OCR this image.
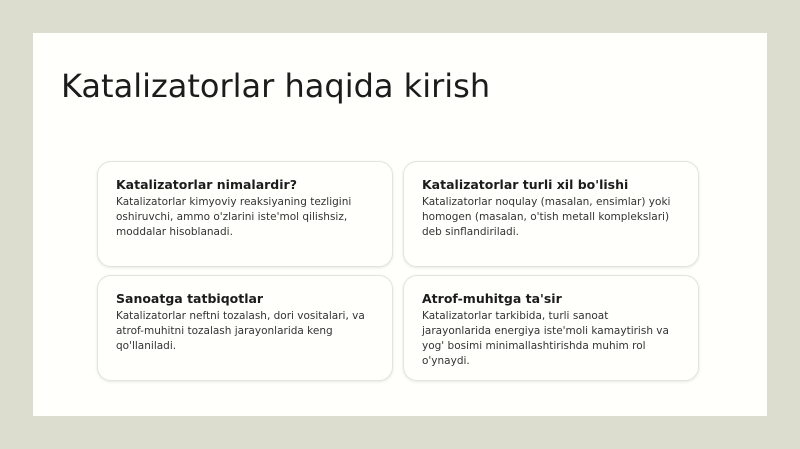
Katalizatorlar haqida kirish

Katalizatorlar nimalardir?

Katalizatorlar kimyoviy reaksiyaning tezligini oshiruvchi, ammo o'zlarini iste'mol qilishsiz, moddalar hisoblanadi.

Katalizatorlar turli xil bo'lishi

Katalizatorlar noqulay (masalan, ensimlar) yoki homogen (masalan, o'tish metall komplekslari) deb sinflandiriladi.

Sanoatga tatbiqotlar

Katalizatorlar neftni tozalash, dori vositalari, va atrof-muhitni tozalash jarayonlarida keng qo'llaniladi.

Atrof-muhitga ta'sir

Katalizatorlar tarkibida, turli sanoat jarayonlarida energiya iste'moli kamaytirish va yog' bosimi minimallashtirishda muhim rol o'ynaydi.
